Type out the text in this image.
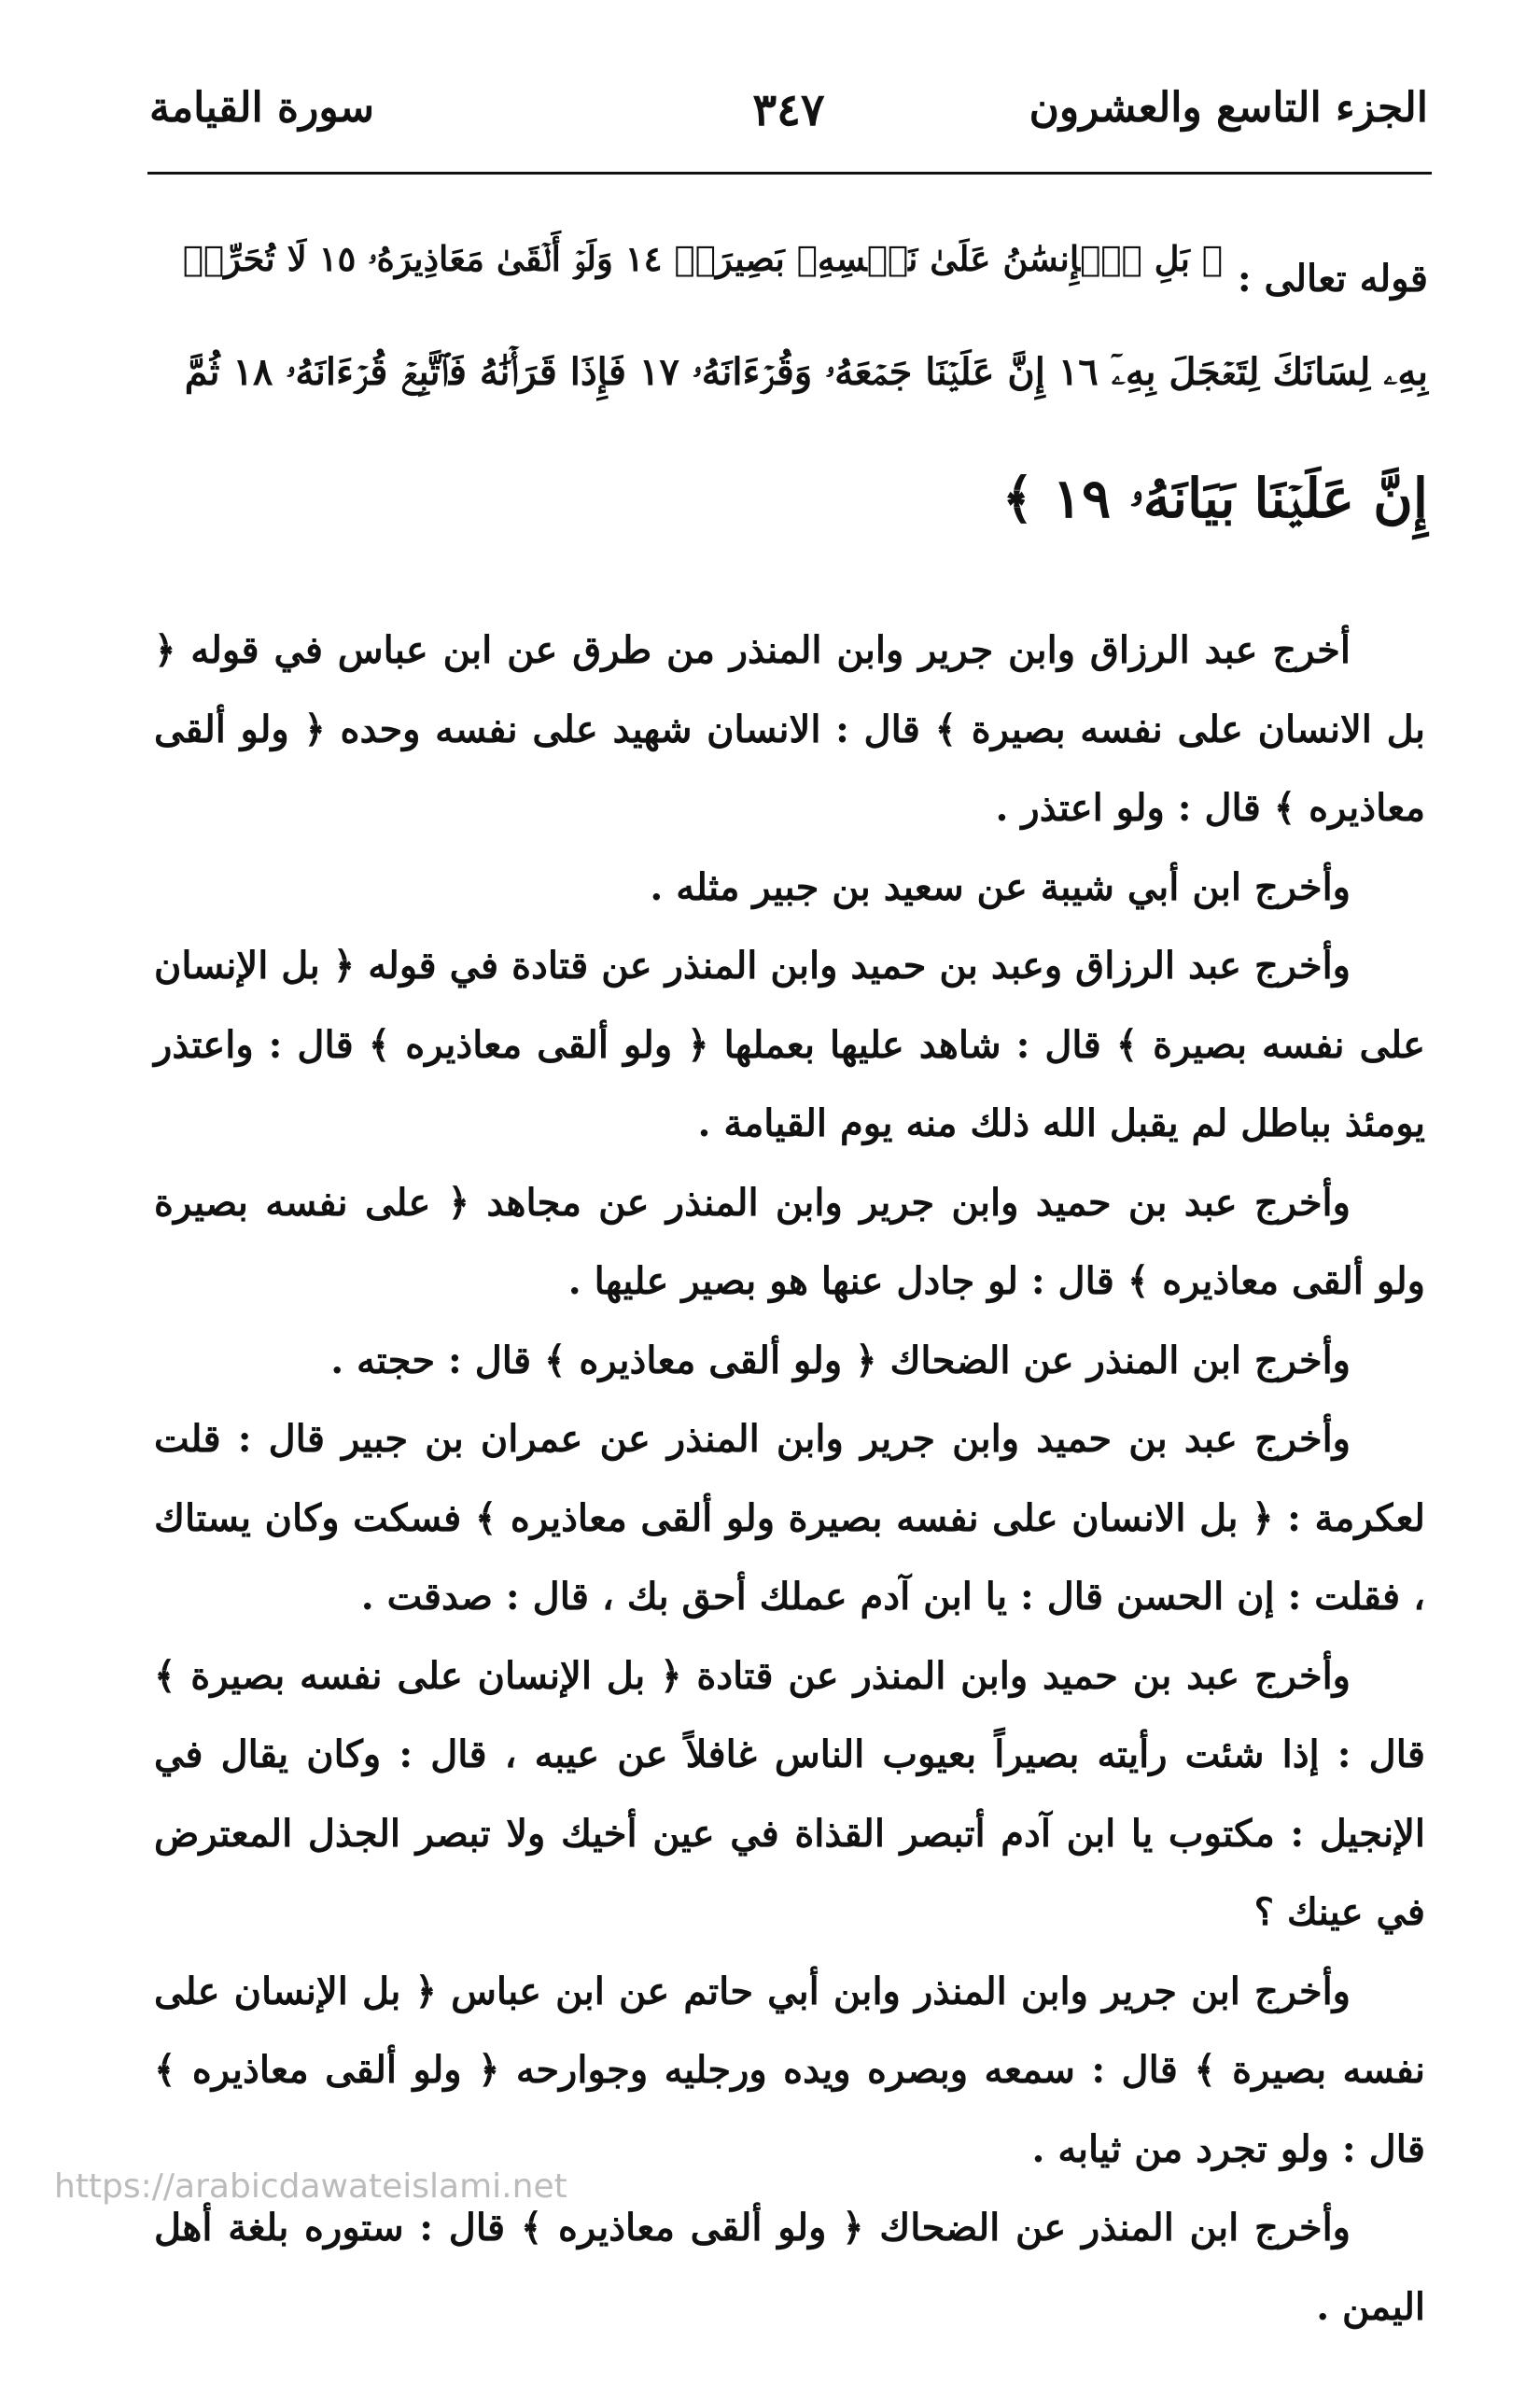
الجزء التاسع والعشرون
٣٤٧
سورة القيامة
قوله تعالى :
﴿ بَلِ ٱلۡإِنسَٰنُ عَلَىٰ نَفۡسِهِۦ بَصِيرَةٞ ١٤ وَلَوۡ أَلۡقَىٰ مَعَاذِيرَهُۥ ١٥ لَا تُحَرِّكۡ
بِهِۦ لِسَانَكَ لِتَعۡجَلَ بِهِۦٓ ١٦ إِنَّ عَلَيۡنَا جَمۡعَهُۥ وَقُرۡءَانَهُۥ ١٧ فَإِذَا قَرَأۡنَٰهُ فَٱتَّبِعۡ قُرۡءَانَهُۥ ١٨ ثُمَّ
إِنَّ عَلَيۡنَا بَيَانَهُۥ ١٩ ﴾

أخرج عبد الرزاق وابن جرير وابن المنذر من طرق عن ابن عباس في قوله ﴿ بل الانسان على نفسه بصيرة ﴾ قال : الانسان شهيد على نفسه وحده ﴿ ولو ألقى معاذيره ﴾ قال : ولو اعتذر .

وأخرج ابن أبي شيبة عن سعيد بن جبير مثله .

وأخرج عبد الرزاق وعبد بن حميد وابن المنذر عن قتادة في قوله ﴿ بل الإنسان على نفسه بصيرة ﴾ قال : شاهد عليها بعملها ﴿ ولو ألقى معاذيره ﴾ قال : واعتذر يومئذ بباطل لم يقبل الله ذلك منه يوم القيامة .

وأخرج عبد بن حميد وابن جرير وابن المنذر عن مجاهد ﴿ على نفسه بصيرة ولو ألقى معاذيره ﴾ قال : لو جادل عنها هو بصير عليها .

وأخرج ابن المنذر عن الضحاك ﴿ ولو ألقى معاذيره ﴾ قال : حجته .

وأخرج عبد بن حميد وابن جرير وابن المنذر عن عمران بن جبير قال : قلت لعكرمة : ﴿ بل الانسان على نفسه بصيرة ولو ألقى معاذيره ﴾ فسكت وكان يستاك ، فقلت : إن الحسن قال : يا ابن آدم عملك أحق بك ، قال : صدقت .

وأخرج عبد بن حميد وابن المنذر عن قتادة ﴿ بل الإنسان على نفسه بصيرة ﴾ قال : إذا شئت رأيته بصيراً بعيوب الناس غافلاً عن عيبه ، قال : وكان يقال في الإنجيل : مكتوب يا ابن آدم أتبصر القذاة في عين أخيك ولا تبصر الجذل المعترض في عينك ؟

وأخرج ابن جرير وابن المنذر وابن أبي حاتم عن ابن عباس ﴿ بل الإنسان على نفسه بصيرة ﴾ قال : سمعه وبصره ويده ورجليه وجوارحه ﴿ ولو ألقى معاذيره ﴾ قال : ولو تجرد من ثيابه .

وأخرج ابن المنذر عن الضحاك ﴿ ولو ألقى معاذيره ﴾ قال : ستوره بلغة أهل اليمن .

https://arabicdawateislami.net
